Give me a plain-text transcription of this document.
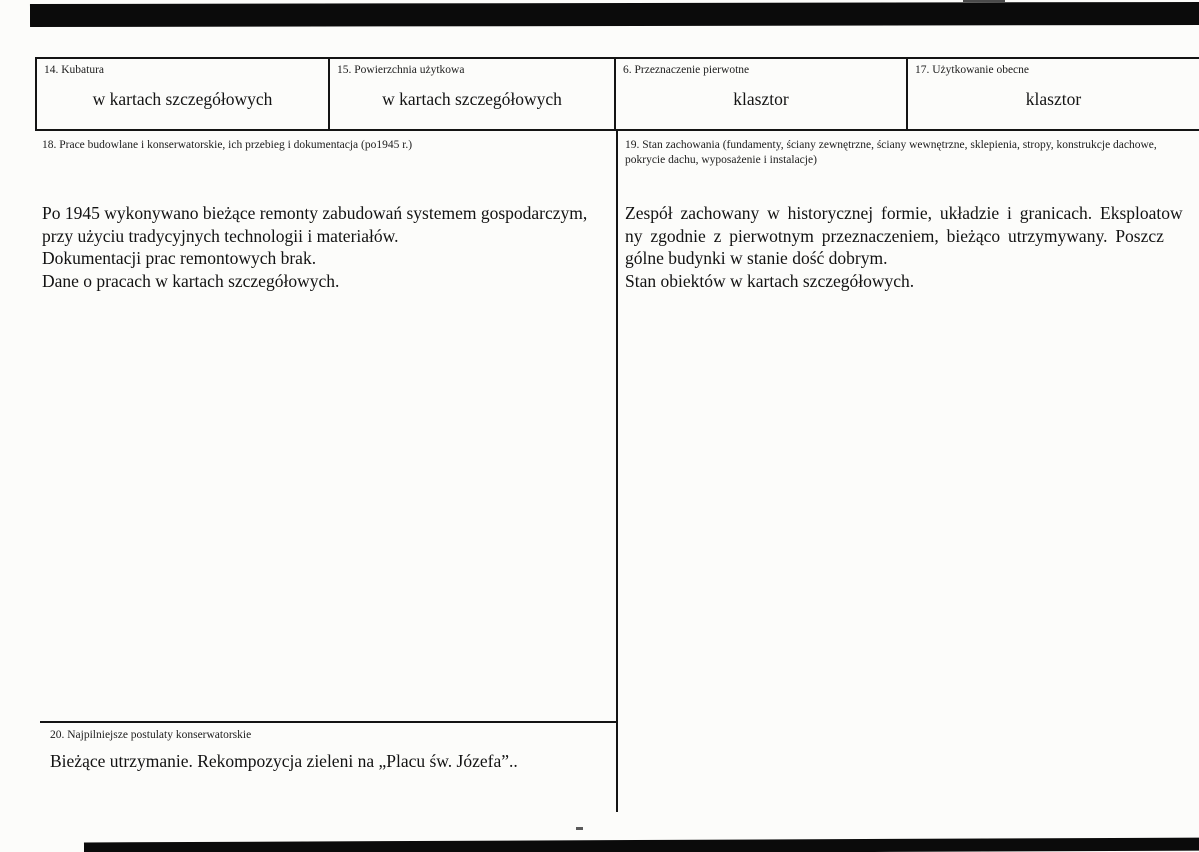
14. Kubatura
w kartach szczegółowych
15. Powierzchnia użytkowa
w kartach szczegółowych
6. Przeznaczenie pierwotne
klasztor
17. Użytkowanie obecne
klasztor
18. Prace budowlane i konserwatorskie, ich przebieg i dokumentacja (po1945 r.)
Po 1945 wykonywano bieżące remonty zabudowań systemem gospodarczym,
przy użyciu tradycyjnych technologii i materiałów.
Dokumentacji prac remontowych brak.
Dane o pracach w kartach szczegółowych.
19. Stan zachowania (fundamenty, ściany zewnętrzne, ściany wewnętrzne, sklepienia, stropy, konstrukcje dachowe, pokrycie dachu, wyposażenie i instalacje)
Zespół zachowany w historycznej formie, układzie i granicach. Eksploatow
ny zgodnie z pierwotnym przeznaczeniem, bieżąco utrzymywany. Poszcz
gólne budynki w stanie dość dobrym.
Stan obiektów w kartach szczegółowych.
20. Najpilniejsze postulaty konserwatorskie
Bieżące utrzymanie. Rekompozycja zieleni na „Placu św. Józefa”..
